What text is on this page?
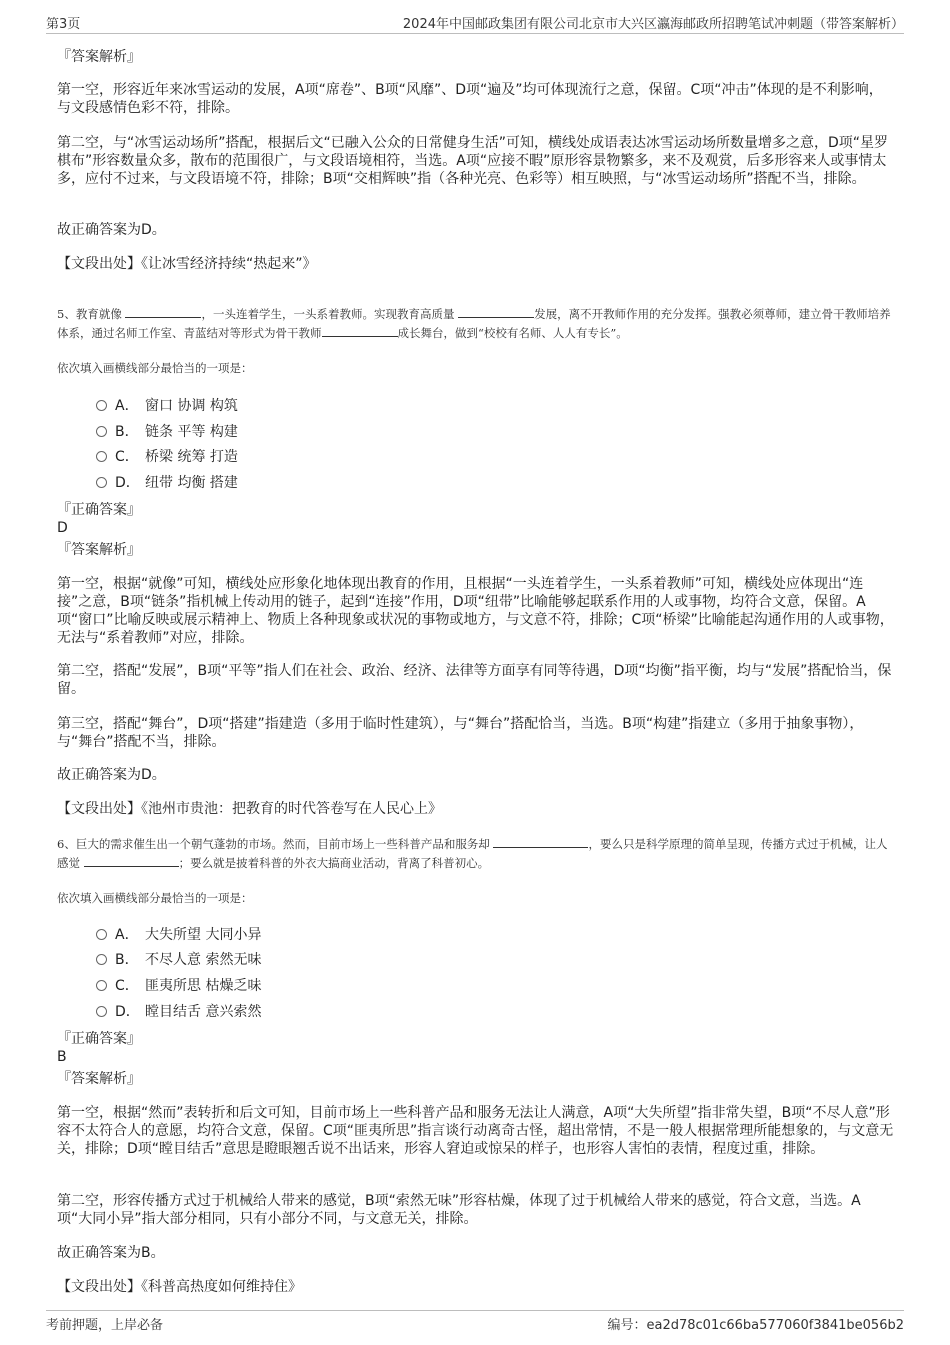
第3页	2024年中国邮政集团有限公司北京市大兴区瀛海邮政所招聘笔试冲刺题（带答案解析）
『答案解析』
第一空，形容近年来冰雪运动的发展，A项“席卷”、B项“风靡”、D项“遍及”均可体现流行之意，保留。C项“冲击”体现的是不利影响，与文段感情色彩不符，排除。
第二空，与“冰雪运动场所”搭配，根据后文“已融入公众的日常健身生活”可知，横线处成语表达冰雪运动场所数量增多之意，D项“星罗棋布”形容数量众多，散布的范围很广，与文段语境相符，当选。A项“应接不暇”原形容景物繁多，来不及观赏，后多形容来人或事情太多，应付不过来，与文段语境不符，排除；B项“交相辉映”指（各种光亮、色彩等）相互映照，与“冰雪运动场所”搭配不当，排除。
故正确答案为D。
【文段出处】《让冰雪经济持续“热起来”》
5、教育就像	，一头连着学生，一头系着教师。实现教育高质量	发展，离不开教师作用的充分发挥。强教必须尊师，建立骨干教师培养体系，通过名师工作室、青蓝结对等形式为骨干教师	成长舞台，做到“校校有名师、人人有专长”。
依次填入画横线部分最恰当的一项是：
A． 窗口 协调 构筑
B． 链条 平等 构建
C． 桥梁 统筹 打造
D． 纽带 均衡 搭建
『正确答案』
D
『答案解析』
第一空，根据“就像”可知，横线处应形象化地体现出教育的作用，且根据“一头连着学生，一头系着教师”可知，横线处应体现出“连接”之意，B项“链条”指机械上传动用的链子，起到“连接”作用，D项“纽带”比喻能够起联系作用的人或事物，均符合文意，保留。A项“窗口”比喻反映或展示精神上、物质上各种现象或状况的事物或地方，与文意不符，排除；C项“桥梁”比喻能起沟通作用的人或事物，无法与“系着教师”对应，排除。
第二空，搭配“发展”，B项“平等”指人们在社会、政治、经济、法律等方面享有同等待遇，D项“均衡”指平衡，均与“发展”搭配恰当，保留。
第三空，搭配“舞台”，D项“搭建”指建造（多用于临时性建筑），与“舞台”搭配恰当，当选。B项“构建”指建立（多用于抽象事物），与“舞台”搭配不当，排除。
故正确答案为D。
【文段出处】《池州市贵池：把教育的时代答卷写在人民心上》
6、巨大的需求催生出一个朝气蓬勃的市场。然而，目前市场上一些科普产品和服务却	，要么只是科学原理的简单呈现，传播方式过于机械，让人感觉	；要么就是披着科普的外衣大搞商业活动，背离了科普初心。
依次填入画横线部分最恰当的一项是：
A． 大失所望 大同小异
B． 不尽人意 索然无味
C． 匪夷所思 枯燥乏味
D． 瞠目结舌 意兴索然
『正确答案』
B
『答案解析』
第一空，根据“然而”表转折和后文可知，目前市场上一些科普产品和服务无法让人满意，A项“大失所望”指非常失望，B项“不尽人意”形容不太符合人的意愿，均符合文意，保留。C项“匪夷所思”指言谈行动离奇古怪，超出常情，不是一般人根据常理所能想象的，与文意无关，排除；D项“瞠目结舌”意思是瞪眼翘舌说不出话来，形容人窘迫或惊呆的样子，也形容人害怕的表情，程度过重，排除。
第二空，形容传播方式过于机械给人带来的感觉，B项“索然无味”形容枯燥，体现了过于机械给人带来的感觉，符合文意，当选。A项“大同小异”指大部分相同，只有小部分不同，与文意无关，排除。
故正确答案为B。
【文段出处】《科普高热度如何维持住》
考前押题，上岸必备	编号：ea2d78c01c66ba577060f3841be056b2
